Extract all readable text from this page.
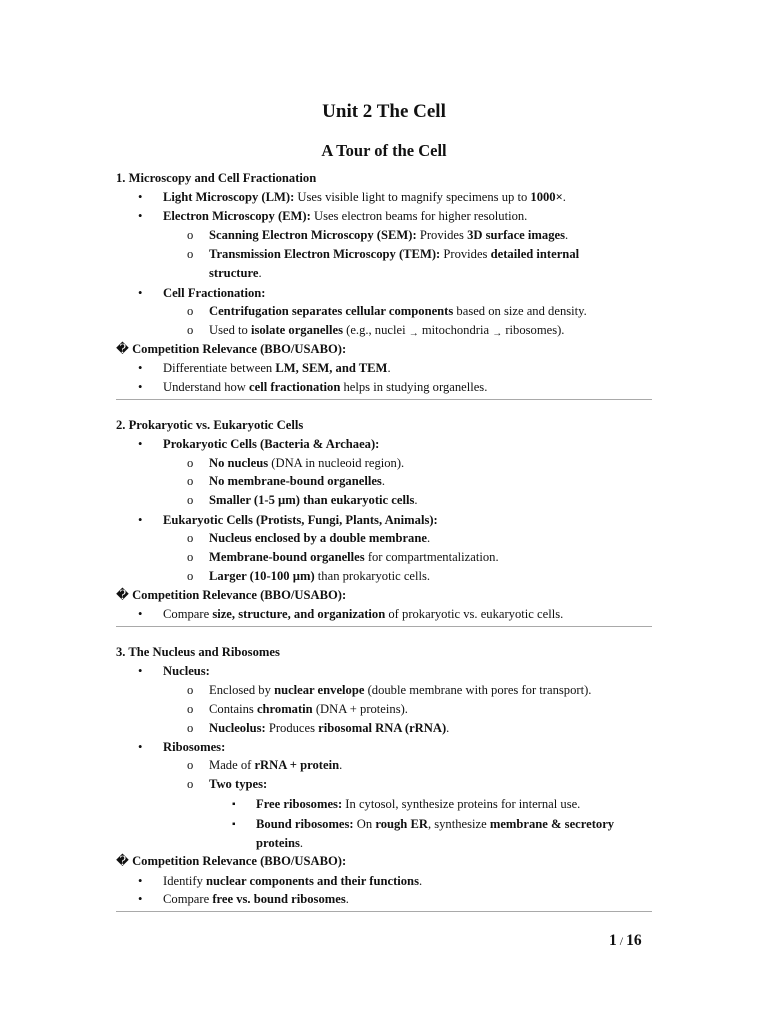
Unit 2 The Cell
A Tour of the Cell
1. Microscopy and Cell Fractionation
• Light Microscopy (LM): Uses visible light to magnify specimens up to 1000×.
• Electron Microscopy (EM): Uses electron beams for higher resolution.
o Scanning Electron Microscopy (SEM): Provides 3D surface images.
o Transmission Electron Microscopy (TEM): Provides detailed internal
structure.
• Cell Fractionation:
o Centrifugation separates cellular components based on size and density.
o Used to isolate organelles (e.g., nuclei → mitochondria → ribosomes).
� Competition Relevance (BBO/USABO):
• Differentiate between LM, SEM, and TEM.
• Understand how cell fractionation helps in studying organelles.
2. Prokaryotic vs. Eukaryotic Cells
• Prokaryotic Cells (Bacteria & Archaea):
o No nucleus (DNA in nucleoid region).
o No membrane-bound organelles.
o Smaller (1-5 µm) than eukaryotic cells.
• Eukaryotic Cells (Protists, Fungi, Plants, Animals):
o Nucleus enclosed by a double membrane.
o Membrane-bound organelles for compartmentalization.
o Larger (10-100 µm) than prokaryotic cells.
� Competition Relevance (BBO/USABO):
• Compare size, structure, and organization of prokaryotic vs. eukaryotic cells.
3. The Nucleus and Ribosomes
• Nucleus:
o Enclosed by nuclear envelope (double membrane with pores for transport).
o Contains chromatin (DNA + proteins).
o Nucleolus: Produces ribosomal RNA (rRNA).
• Ribosomes:
o Made of rRNA + protein.
o Two types:
▪ Free ribosomes: In cytosol, synthesize proteins for internal use.
▪ Bound ribosomes: On rough ER, synthesize membrane & secretory
proteins.
� Competition Relevance (BBO/USABO):
• Identify nuclear components and their functions.
• Compare free vs. bound ribosomes.
1 / 16
